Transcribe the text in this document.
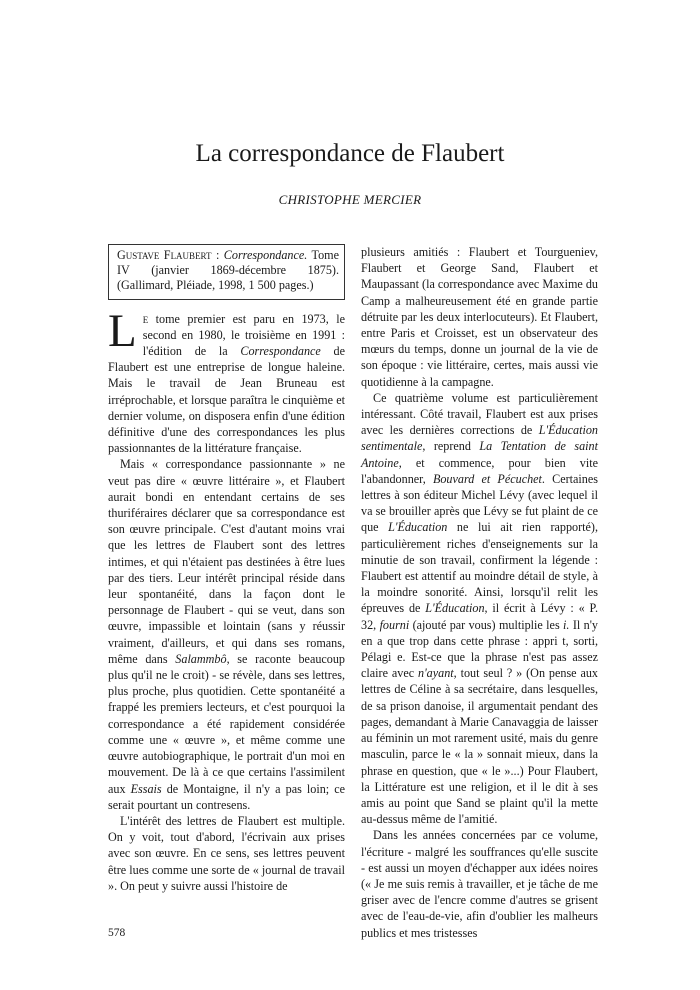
La correspondance de Flaubert
CHRISTOPHE MERCIER
Gustave Flaubert : Correspondance. Tome IV (janvier 1869-décembre 1875). (Gallimard, Pléiade, 1998, 1 500 pages.)

Le tome premier est paru en 1973, le second en 1980, le troisième en 1991 : l'édition de la Correspondance de Flaubert est une entreprise de longue haleine. Mais le travail de Jean Bruneau est irréprochable, et lorsque paraîtra le cinquième et dernier volume, on disposera enfin d'une édition définitive d'une des correspondances les plus passionnantes de la littérature française.

Mais « correspondance passionnante » ne veut pas dire « œuvre littéraire », et Flaubert aurait bondi en entendant certains de ses thuriféraires déclarer que sa correspondance est son œuvre principale. C'est d'autant moins vrai que les lettres de Flaubert sont des lettres intimes, et qui n'étaient pas destinées à être lues par des tiers. Leur intérêt principal réside dans leur spontanéité, dans la façon dont le personnage de Flaubert - qui se veut, dans son œuvre, impassible et lointain (sans y réussir vraiment, d'ailleurs, et qui dans ses romans, même dans Salammbô, se raconte beaucoup plus qu'il ne le croit) - se révèle, dans ses lettres, plus proche, plus quotidien. Cette spontanéité a frappé les premiers lecteurs, et c'est pourquoi la correspondance a été rapidement considérée comme une « œuvre », et même comme une œuvre autobiographique, le portrait d'un moi en mouvement. De là à ce que certains l'assimilent aux Essais de Montaigne, il n'y a pas loin; ce serait pourtant un contresens.

L'intérêt des lettres de Flaubert est multiple. On y voit, tout d'abord, l'écrivain aux prises avec son œuvre. En ce sens, ses lettres peuvent être lues comme une sorte de « journal de travail ». On peut y suivre aussi l'histoire de

plusieurs amitiés : Flaubert et Tourgueniev, Flaubert et George Sand, Flaubert et Maupassant (la correspondance avec Maxime du Camp a malheureusement été en grande partie détruite par les deux interlocuteurs). Et Flaubert, entre Paris et Croisset, est un observateur des mœurs du temps, donne un journal de la vie de son époque : vie littéraire, certes, mais aussi vie quotidienne à la campagne.

Ce quatrième volume est particulièrement intéressant. Côté travail, Flaubert est aux prises avec les dernières corrections de L'Éducation sentimentale, reprend La Tentation de saint Antoine, et commence, pour bien vite l'abandonner, Bouvard et Pécuchet. Certaines lettres à son éditeur Michel Lévy (avec lequel il va se brouiller après que Lévy se fut plaint de ce que L'Éducation ne lui ait rien rapporté), particulièrement riches d'enseignements sur la minutie de son travail, confirment la légende : Flaubert est attentif au moindre détail de style, à la moindre sonorité. Ainsi, lorsqu'il relit les épreuves de L'Éducation, il écrit à Lévy : « P. 32, fourni (ajouté par vous) multiplie les i. Il n'y en a que trop dans cette phrase : appri t, sorti, Pélagi e. Est-ce que la phrase n'est pas assez claire avec n'ayant, tout seul ? » (On pense aux lettres de Céline à sa secrétaire, dans lesquelles, de sa prison danoise, il argumentait pendant des pages, demandant à Marie Canavaggia de laisser au féminin un mot rarement usité, mais du genre masculin, parce le « la » sonnait mieux, dans la phrase en question, que « le »...) Pour Flaubert, la Littérature est une religion, et il le dit à ses amis au point que Sand se plaint qu'il la mette au-dessus même de l'amitié.

Dans les années concernées par ce volume, l'écriture - malgré les souffrances qu'elle suscite - est aussi un moyen d'échapper aux idées noires (« Je me suis remis à travailler, et je tâche de me griser avec de l'encre comme d'autres se grisent avec de l'eau-de-vie, afin d'oublier les malheurs publics et mes tristesses

578
